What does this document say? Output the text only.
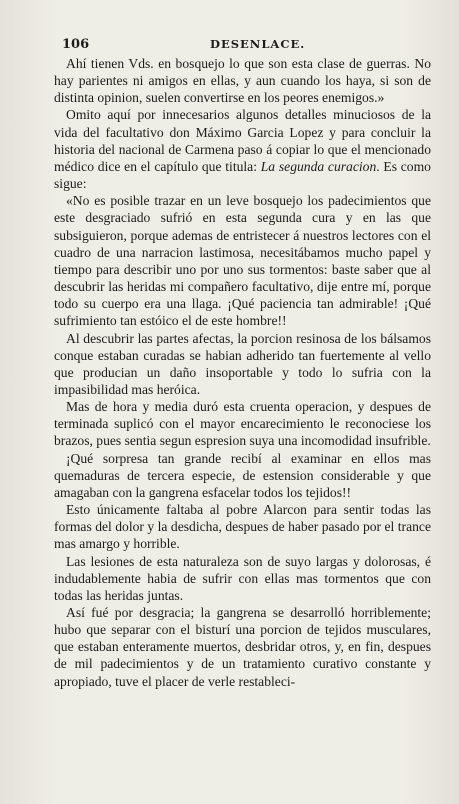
106	DESENLACE.

Ahí tienen Vds. en bosquejo lo que son esta clase de guerras. No hay parientes ni amigos en ellas, y aun cuando los haya, si son de distinta opinion, suelen convertirse en los peores enemigos.»

Omito aquí por innecesarios algunos detalles minuciosos de la vida del facultativo don Máximo Garcia Lopez y para concluir la historia del nacional de Carmena paso á copiar lo que el mencionado médico dice en el capítulo que titula: La segunda curacion. Es como sigue:

«No es posible trazar en un leve bosquejo los padecimientos que este desgraciado sufrió en esta segunda cura y en las que subsiguieron, porque ademas de entristecer á nuestros lectores con el cuadro de una narracion lastimosa, necesitábamos mucho papel y tiempo para describir uno por uno sus tormentos: baste saber que al descubrir las heridas mi compañero facultativo, dije entre mí, porque todo su cuerpo era una llaga. ¡Qué paciencia tan admirable! ¡Qué sufrimiento tan estóico el de este hombre!!

Al descubrir las partes afectas, la porcion resinosa de los bálsamos conque estaban curadas se habian adherido tan fuertemente al vello que producian un daño insoportable y todo lo sufria con la impasibilidad mas heróica.

Mas de hora y media duró esta cruenta operacion, y despues de terminada suplicó con el mayor encarecimiento le reconociese los brazos, pues sentia segun espresion suya una incomodidad insufrible.

¡Qué sorpresa tan grande recibí al examinar en ellos mas quemaduras de tercera especie, de estension considerable y que amagaban con la gangrena esfacelar todos los tejidos!!

Esto únicamente faltaba al pobre Alarcon para sentir todas las formas del dolor y la desdicha, despues de haber pasado por el trance mas amargo y horrible.

Las lesiones de esta naturaleza son de suyo largas y dolorosas, é indudablemente habia de sufrir con ellas mas tormentos que con todas las heridas juntas.

Así fué por desgracia; la gangrena se desarrolló horriblemente; hubo que separar con el bisturí una porcion de tejidos musculares, que estaban enteramente muertos, desbridar otros, y, en fin, despues de mil padecimientos y de un tratamiento curativo constante y apropiado, tuve el placer de verle restableci-
